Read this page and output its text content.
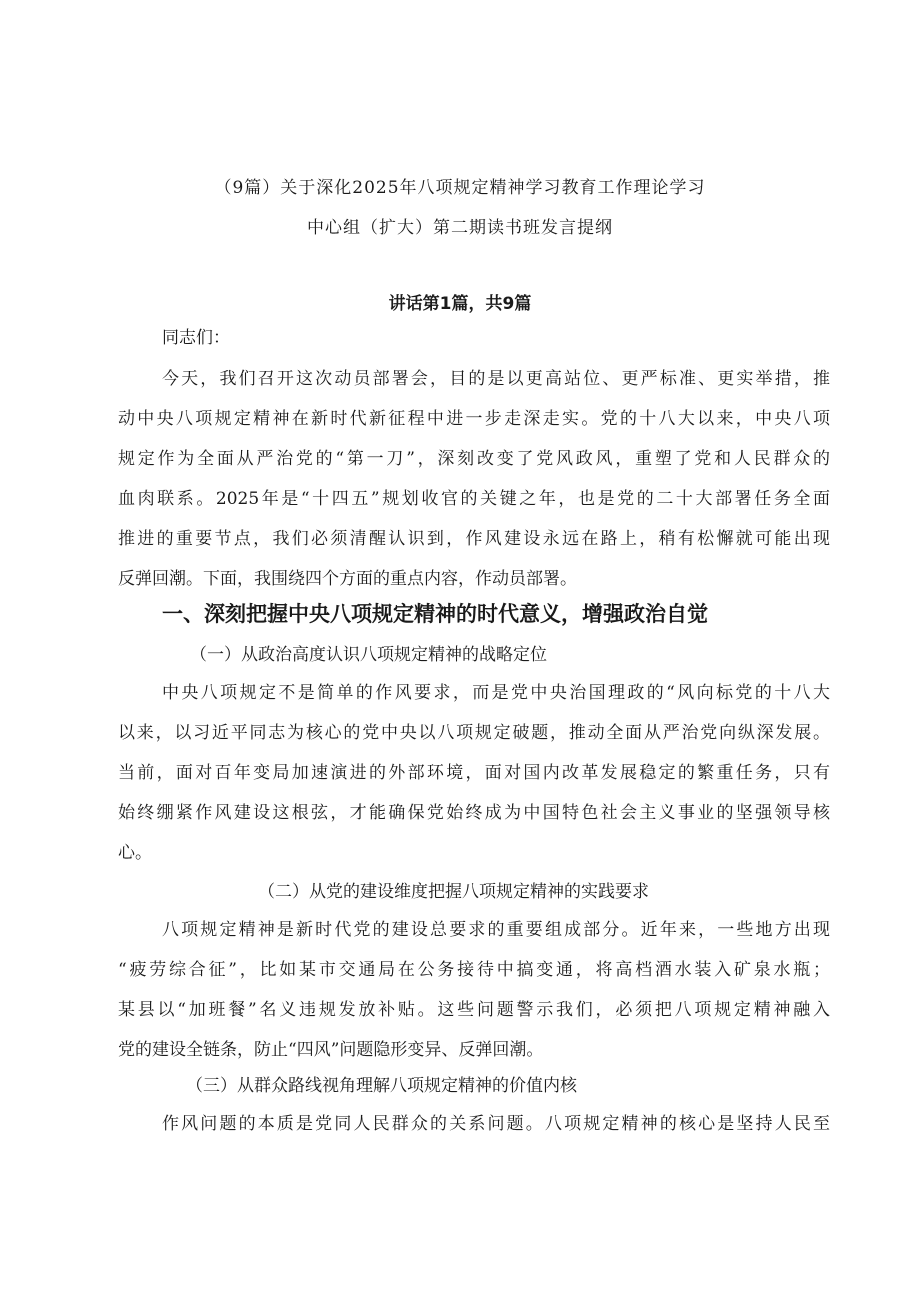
（9篇）关于深化2025年八项规定精神学习教育工作理论学习
中心组（扩大）第二期读书班发言提纲
讲话第1篇，共9篇

同志们：

今天，我们召开这次动员部署会，目的是以更高站位、更严标准、更实举措，推

动中央八项规定精神在新时代新征程中进一步走深走实。党的十八大以来，中央八项

规定作为全面从严治党的“第一刀”，深刻改变了党风政风，重塑了党和人民群众的

血肉联系。2025年是“十四五”规划收官的关键之年，也是党的二十大部署任务全面

推进的重要节点，我们必须清醒认识到，作风建设永远在路上，稍有松懈就可能出现

反弹回潮。下面，我围绕四个方面的重点内容，作动员部署。

一、深刻把握中央八项规定精神的时代意义，增强政治自觉

（一）从政治高度认识八项规定精神的战略定位

中央八项规定不是简单的作风要求，而是党中央治国理政的“风向标党的十八大

以来，以习近平同志为核心的党中央以八项规定破题，推动全面从严治党向纵深发展。

当前，面对百年变局加速演进的外部环境，面对国内改革发展稳定的繁重任务，只有

始终绷紧作风建设这根弦，才能确保党始终成为中国特色社会主义事业的坚强领导核

心。

（二）从党的建设维度把握八项规定精神的实践要求

八项规定精神是新时代党的建设总要求的重要组成部分。近年来，一些地方出现

“疲劳综合征”，比如某市交通局在公务接待中搞变通，将高档酒水装入矿泉水瓶；

某县以“加班餐”名义违规发放补贴。这些问题警示我们，必须把八项规定精神融入

党的建设全链条，防止“四风”问题隐形变异、反弹回潮。

（三）从群众路线视角理解八项规定精神的价值内核

作风问题的本质是党同人民群众的关系问题。八项规定精神的核心是坚持人民至
